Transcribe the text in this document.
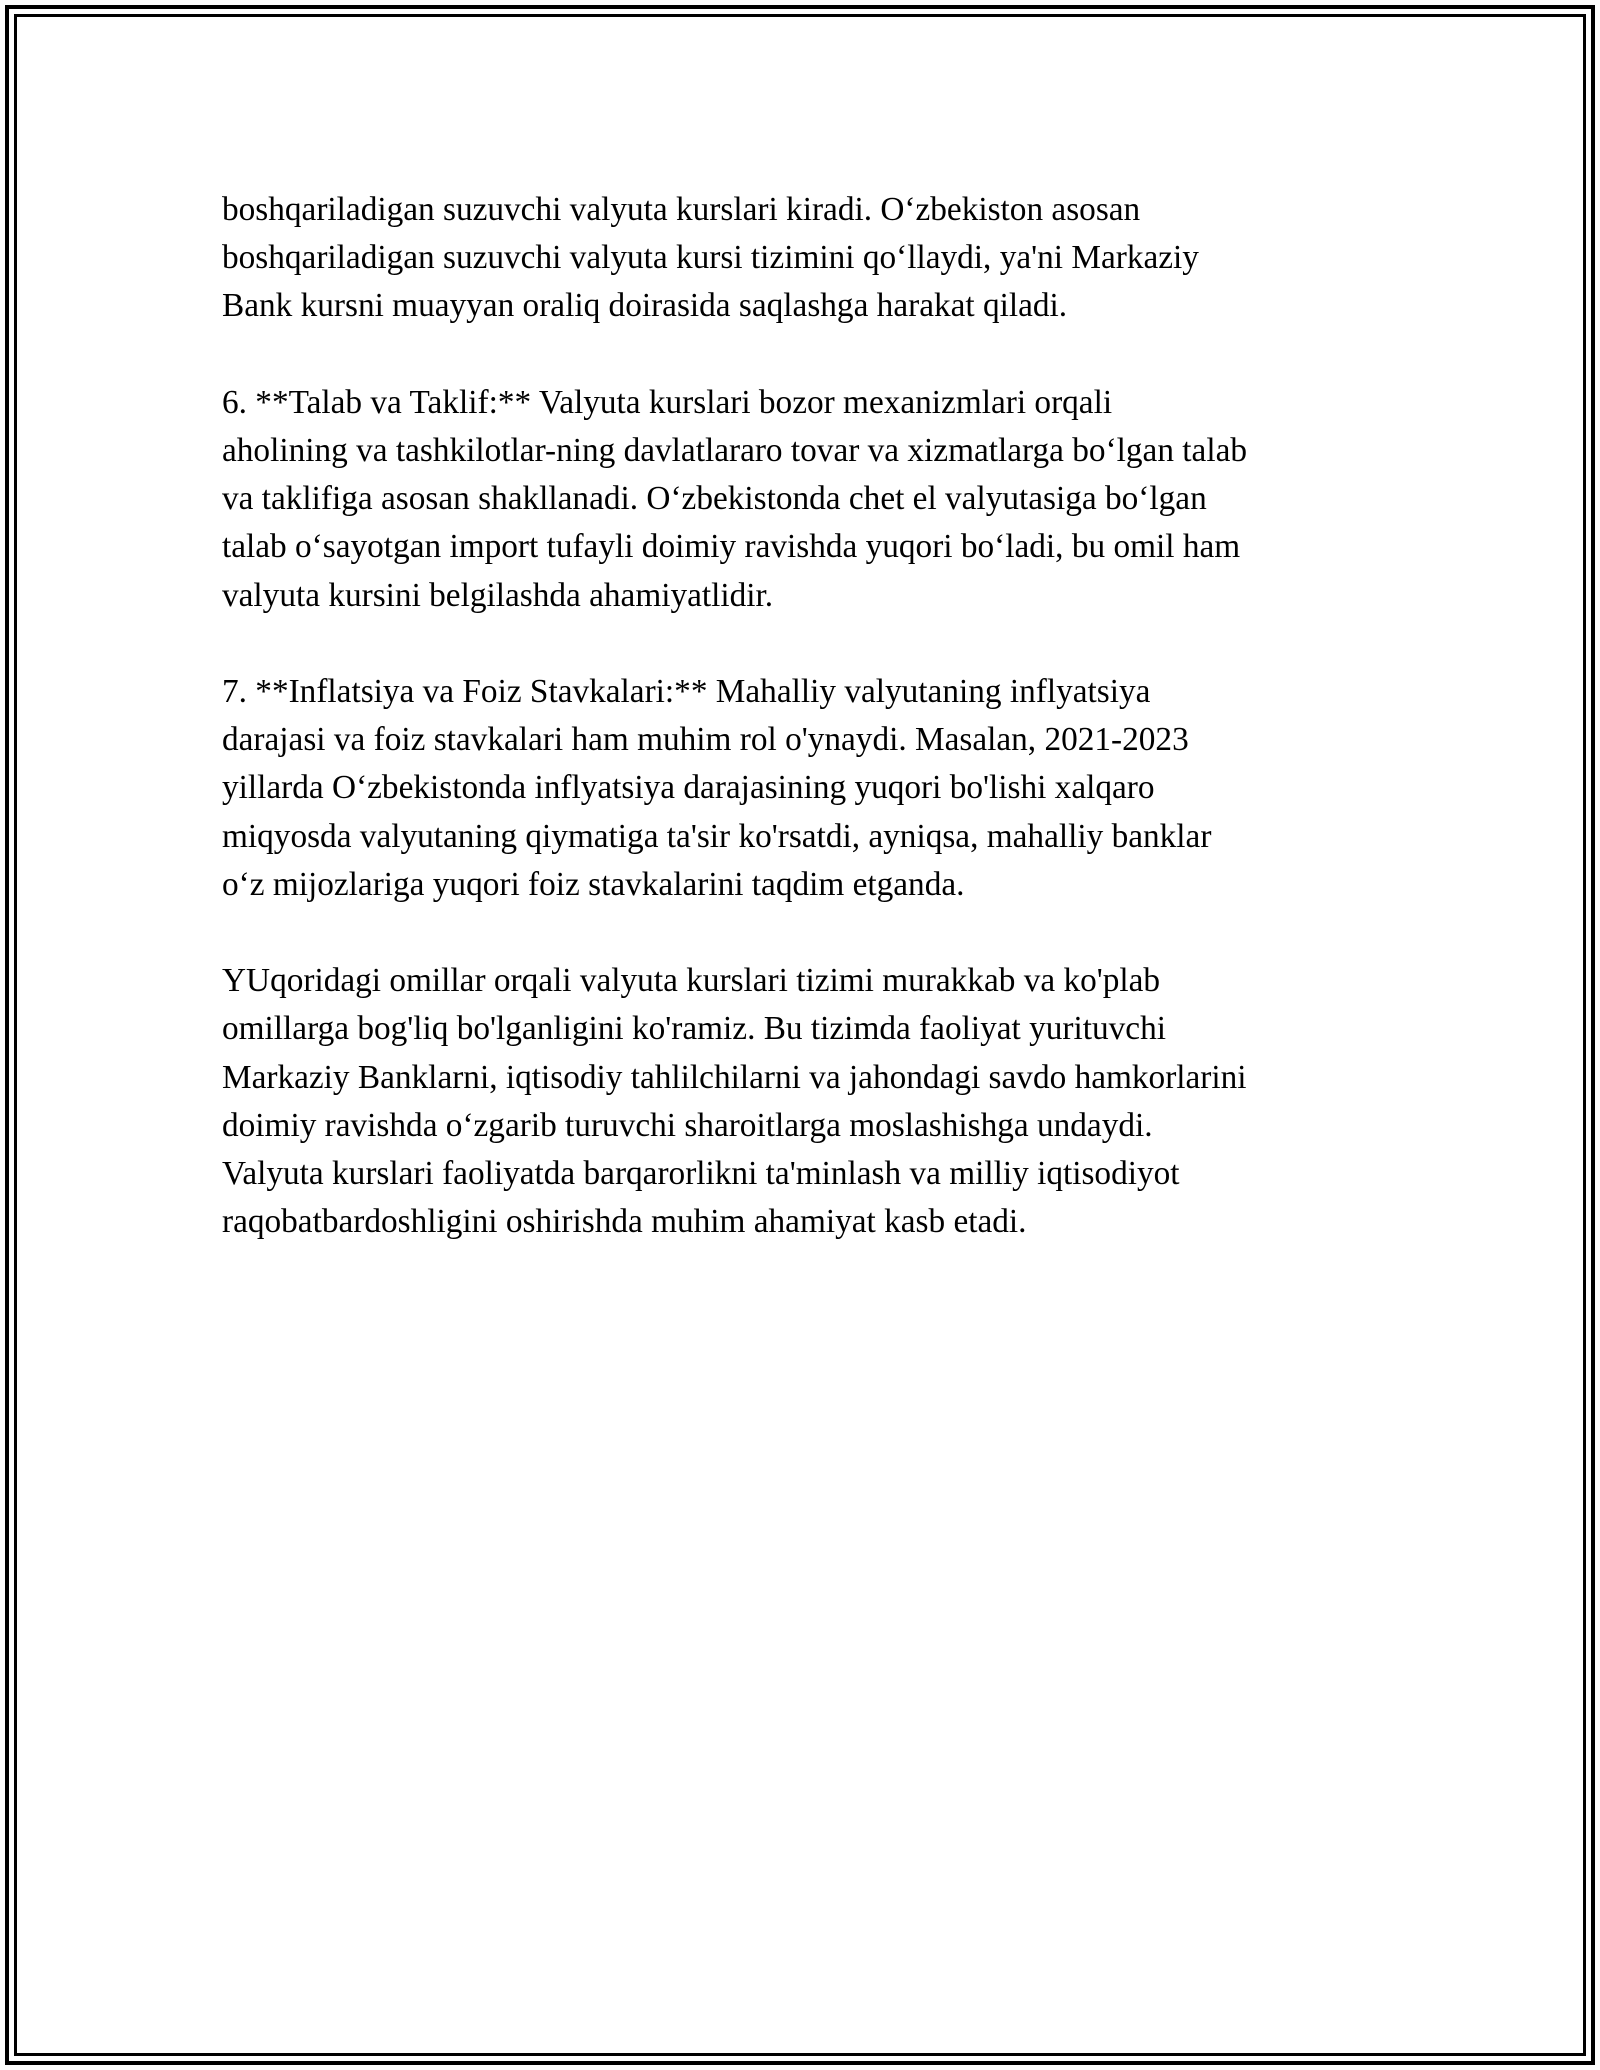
boshqariladigan suzuvchi valyuta kurslari kiradi. O‘zbekiston asosan
boshqariladigan suzuvchi valyuta kursi tizimini qo‘llaydi, ya'ni Markaziy
Bank kursni muayyan oraliq doirasida saqlashga harakat qiladi.

6. **Talab va Taklif:** Valyuta kurslari bozor mexanizmlari orqali
aholining va tashkilotlar-ning davlatlararo tovar va xizmatlarga bo‘lgan talab
va taklifiga asosan shakllanadi. O‘zbekistonda chet el valyutasiga bo‘lgan
talab o‘sayotgan import tufayli doimiy ravishda yuqori bo‘ladi, bu omil ham
valyuta kursini belgilashda ahamiyatlidir.

7. **Inflatsiya va Foiz Stavkalari:** Mahalliy valyutaning inflyatsiya
darajasi va foiz stavkalari ham muhim rol o'ynaydi. Masalan, 2021-2023
yillarda O‘zbekistonda inflyatsiya darajasining yuqori bo'lishi xalqaro
miqyosda valyutaning qiymatiga ta'sir ko'rsatdi, ayniqsa, mahalliy banklar
o‘z mijozlariga yuqori foiz stavkalarini taqdim etganda.

YUqoridagi omillar orqali valyuta kurslari tizimi murakkab va ko'plab
omillarga bog'liq bo'lganligini ko'ramiz. Bu tizimda faoliyat yurituvchi
Markaziy Banklarni, iqtisodiy tahlilchilarni va jahondagi savdo hamkorlarini
doimiy ravishda o‘zgarib turuvchi sharoitlarga moslashishga undaydi.
Valyuta kurslari faoliyatda barqarorlikni ta'minlash va milliy iqtisodiyot
raqobatbardoshligini oshirishda muhim ahamiyat kasb etadi.
